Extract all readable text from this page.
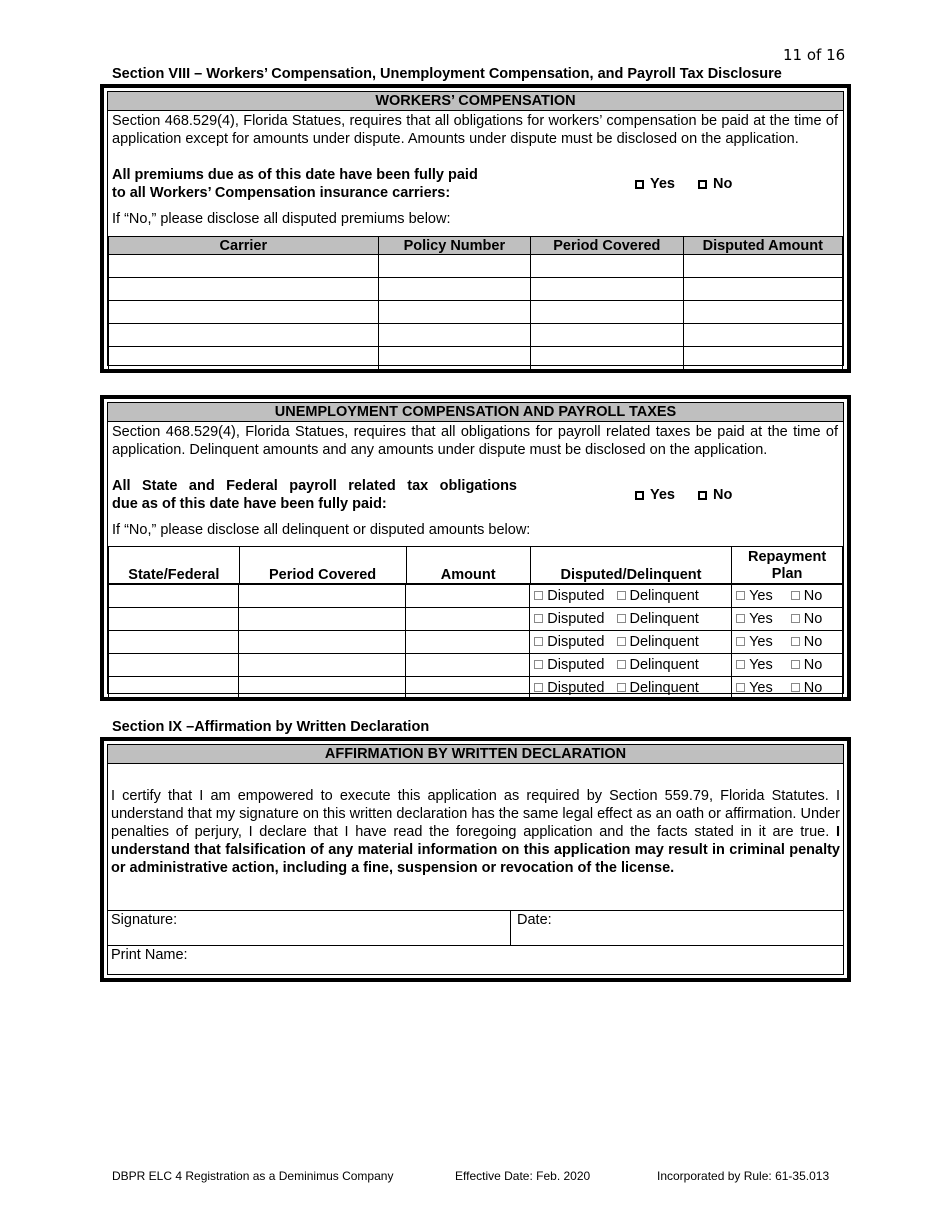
11 of 16
Section VIII – Workers’ Compensation, Unemployment Compensation, and Payroll Tax Disclosure
WORKERS’ COMPENSATION
Section 468.529(4), Florida Statues, requires that all obligations for workers’ compensation be paid at the time of application except for amounts under dispute. Amounts under dispute must be disclosed on the application.
All premiums due as of this date have been fully paid
to all Workers’ Compensation insurance carriers:
Yes	No
If “No,” please disclose all disputed premiums below:
Carrier	Policy Number	Period Covered	Disputed Amount

UNEMPLOYMENT COMPENSATION AND PAYROLL TAXES
Section 468.529(4), Florida Statues, requires that all obligations for payroll related taxes be paid at the time of application. Delinquent amounts and any amounts under dispute must be disclosed on the application.
All State and Federal payroll related tax obligations
due as of this date have been fully paid:
Yes	No
If “No,” please disclose all delinquent or disputed amounts below:
State/Federal	Period Covered	Amount	Disputed/Delinquent	Repayment Plan
			Disputed Delinquent	Yes No
			Disputed Delinquent	Yes No
			Disputed Delinquent	Yes No
			Disputed Delinquent	Yes No
			Disputed Delinquent	Yes No
Section IX –Affirmation by Written Declaration
AFFIRMATION BY WRITTEN DECLARATION
I certify that I am empowered to execute this application as required by Section 559.79, Florida Statutes. I understand that my signature on this written declaration has the same legal effect as an oath or affirmation. Under penalties of perjury, I declare that I have read the foregoing application and the facts stated in it are true. I understand that falsification of any material information on this application may result in criminal penalty or administrative action, including a fine, suspension or revocation of the license.
Signature:	Date:
Print Name:
DBPR ELC 4 Registration as a Deminimus Company	Effective Date: Feb. 2020	Incorporated by Rule: 61-35.013
